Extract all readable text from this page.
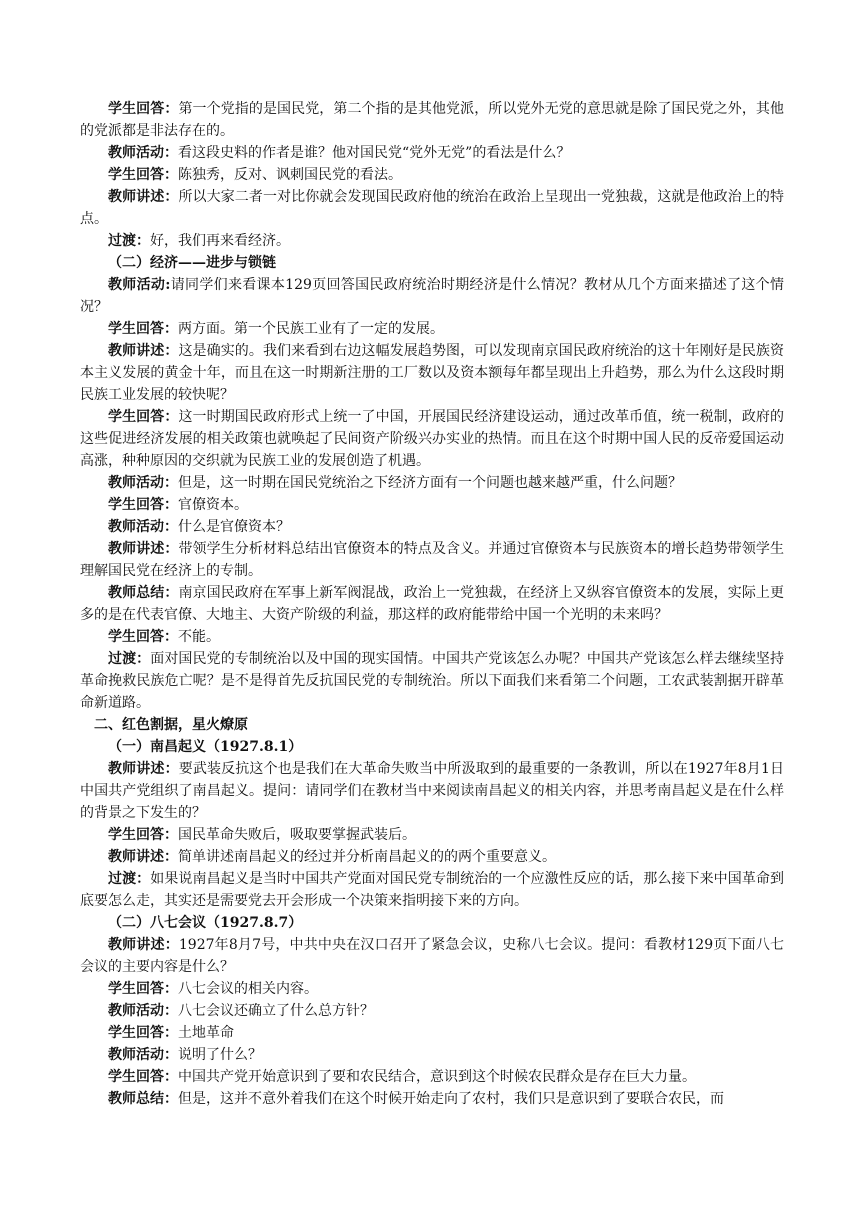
学生回答：第一个党指的是国民党，第二个指的是其他党派，所以党外无党的意思就是除了国民党之外，其他的党派都是非法存在的。

教师活动：看这段史料的作者是谁？他对国民党“党外无党”的看法是什么？

学生回答：陈独秀，反对、讽刺国民党的看法。

教师讲述：所以大家二者一对比你就会发现国民政府他的统治在政治上呈现出一党独裁，这就是他政治上的特点。

过渡：好，我们再来看经济。

（二）经济——进步与锁链

教师活动:请同学们来看课本129页回答国民政府统治时期经济是什么情况？教材从几个方面来描述了这个情况？

学生回答：两方面。第一个民族工业有了一定的发展。

教师讲述：这是确实的。我们来看到右边这幅发展趋势图，可以发现南京国民政府统治的这十年刚好是民族资本主义发展的黄金十年，而且在这一时期新注册的工厂数以及资本额每年都呈现出上升趋势，那么为什么这段时期民族工业发展的较快呢？

学生回答：这一时期国民政府形式上统一了中国，开展国民经济建设运动，通过改革币值，统一税制，政府的这些促进经济发展的相关政策也就唤起了民间资产阶级兴办实业的热情。而且在这个时期中国人民的反帝爱国运动高涨，种种原因的交织就为民族工业的发展创造了机遇。

教师活动：但是，这一时期在国民党统治之下经济方面有一个问题也越来越严重，什么问题？

学生回答：官僚资本。

教师活动：什么是官僚资本？

教师讲述：带领学生分析材料总结出官僚资本的特点及含义。并通过官僚资本与民族资本的增长趋势带领学生理解国民党在经济上的专制。

教师总结：南京国民政府在军事上新军阀混战，政治上一党独裁，在经济上又纵容官僚资本的发展，实际上更多的是在代表官僚、大地主、大资产阶级的利益，那这样的政府能带给中国一个光明的未来吗？

学生回答：不能。

过渡：面对国民党的专制统治以及中国的现实国情。中国共产党该怎么办呢？中国共产党该怎么样去继续坚持革命挽救民族危亡呢？是不是得首先反抗国民党的专制统治。所以下面我们来看第二个问题，工农武装割据开辟革命新道路。

二、红色割据，星火燎原

（一）南昌起义（1927.8.1）

教师讲述：要武装反抗这个也是我们在大革命失败当中所汲取到的最重要的一条教训，所以在1927年8月1日中国共产党组织了南昌起义。提问：请同学们在教材当中来阅读南昌起义的相关内容，并思考南昌起义是在什么样的背景之下发生的？

学生回答：国民革命失败后，吸取要掌握武装后。

教师讲述：简单讲述南昌起义的经过并分析南昌起义的的两个重要意义。

过渡：如果说南昌起义是当时中国共产党面对国民党专制统治的一个应激性反应的话，那么接下来中国革命到底要怎么走，其实还是需要党去开会形成一个决策来指明接下来的方向。

（二）八七会议（1927.8.7）

教师讲述：1927年8月7号，中共中央在汉口召开了紧急会议，史称八七会议。提问：看教材129页下面八七会议的主要内容是什么？

学生回答：八七会议的相关内容。

教师活动：八七会议还确立了什么总方针？

学生回答：土地革命

教师活动：说明了什么？

学生回答：中国共产党开始意识到了要和农民结合，意识到这个时候农民群众是存在巨大力量。

教师总结：但是，这并不意外着我们在这个时候开始走向了农村，我们只是意识到了要联合农民，而
